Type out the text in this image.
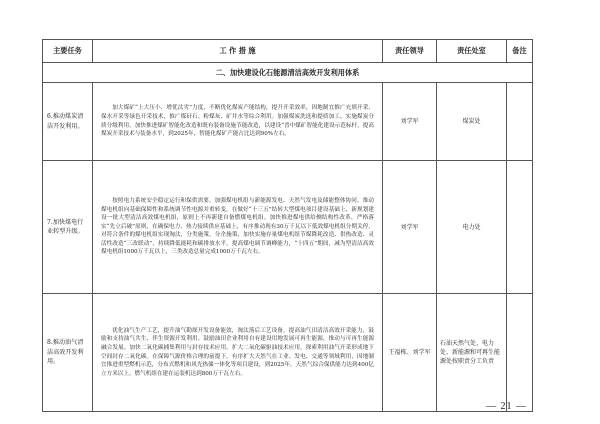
主要任务	工 作 措 施	责任领导	责任处室	备注
二、加快建设化石能源清洁高效开发利用体系				
6.推动煤炭清洁开发利用。	加大煤矿“上大压小、增优汰劣”力度，不断优化煤炭产能结构，提升开采效率，因地制宜推广充填开采、保水开采等绿色开采技术，推广煤矸石、粉煤灰、矿井水等综合利用。加强煤炭洗选和提质加工，实施煤炭分质分级利用。加快推进煤矿智能化改造和既有装备设施节能改造，以建设“晋中煤矿智能化建设示范标杆，提高煤炭开采技术与装备水平，到2025年，智能化煤矿产能占比达到90%左右。	刘学军	煤炭处	
7.加快煤电行业转型升级。	按照电力系统安全稳定运行和保供需要，加强煤电机组与新能源发电、天然气发电及储能整体协同。推动煤电机组向基础保障性和系统调节性电源并重转变，在做好“十三五”结转大型煤电项目建设基础上，新规划建设一批大型清洁高效煤电机组，原则上不再新建自备燃煤电机组。加快推进煤电供给侧结构性改革，严格落实“先立后破”原则，在确保电力、热力接续供应基础上，有序推动现有30万千瓦以下低效煤电机组分期关停，对符合条件的煤电机组实现淘汰，分类施策，分企施策，加快实施存量煤电机组节煤降耗改造、供热改造、灵活性改造“三改联动”，持续降低能耗和碳排放水平，提高煤电调节调峰能力，“十四五”期间，减为型清洁高效煤电机组1000万千瓦以上，三类改造总量完成1000万千瓦左右。	刘学军	电力处	
8.推动油气清洁高效开发利用。	优化油气生产工艺，提升油气勘探开发设备能效，淘汰落后工艺设备，提高油气田清洁高效开采能力，鼓励和支持油气共生、伴生资源开发利用。鼓励油田企业利用自有建设用地发展可再生能源，推动与可再生能源融合发展。加快二氧化碳捕集利用与封存技术应用，扩大二氧化碳驱油技术应用，探索利用油气开采形成地下空间封存二氧化碳。在保障气源价格合理的前提下，有序扩大天然气在工业、发电、交通等领域利用，因地制宜推进重型燃机示范，分布式燃机和风光热储一体化等项目建设，到2025年，天然气综合保供能力达到400亿立方米以上，燃气机组在建在运装机达到800万千瓦左右。	王福栋、刘学军	石油天然气处、电力处、新能源和可再生能源处按职责分工负责	
— 21 —
